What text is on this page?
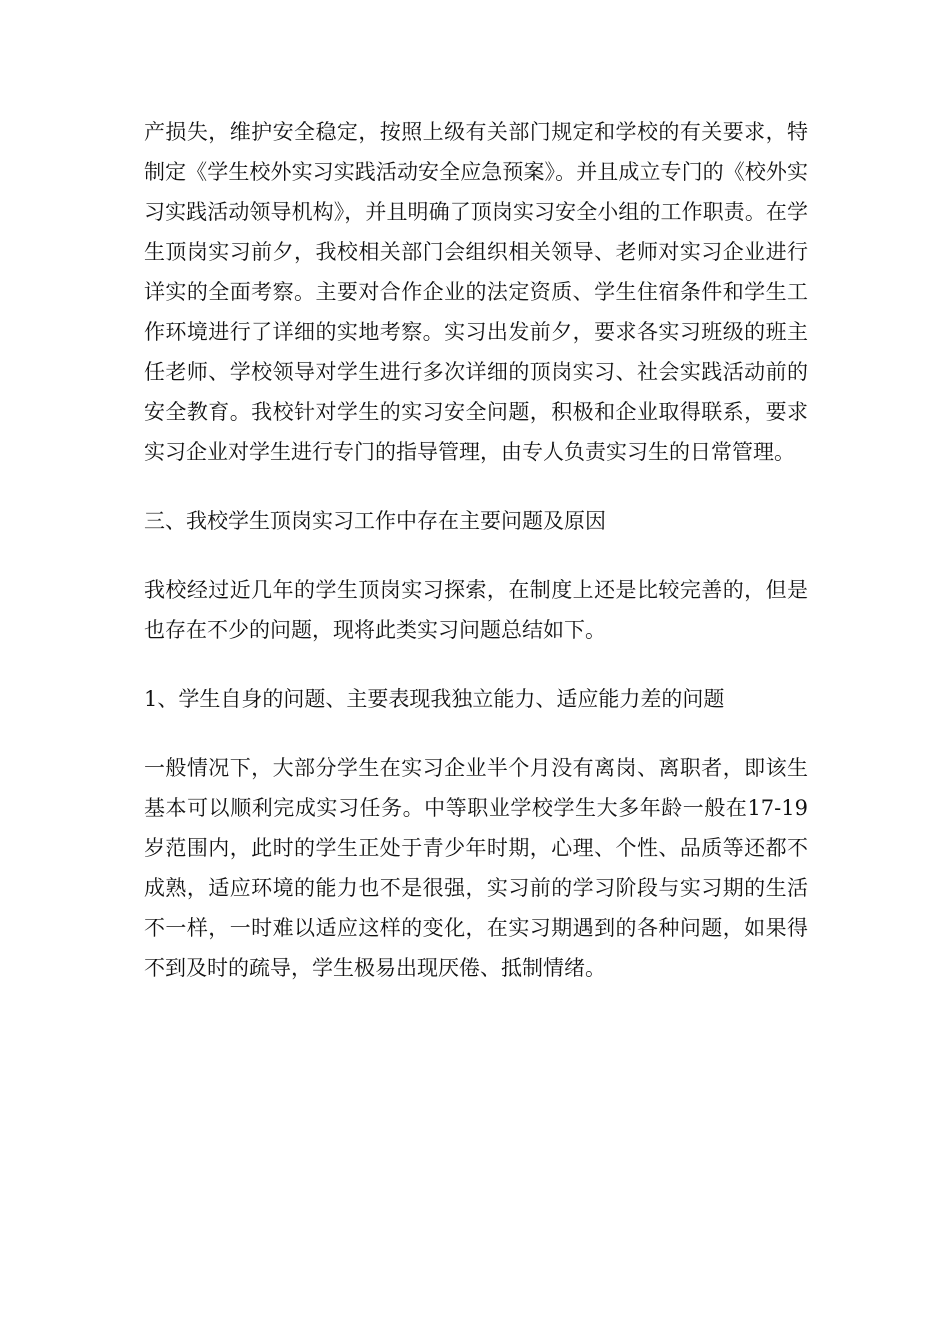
产损失，维护安全稳定，按照上级有关部门规定和学校的有关要求，特制定《学生校外实习实践活动安全应急预案》。并且成立专门的《校外实习实践活动领导机构》，并且明确了顶岗实习安全小组的工作职责。在学生顶岗实习前夕，我校相关部门会组织相关领导、老师对实习企业进行详实的全面考察。主要对合作企业的法定资质、学生住宿条件和学生工作环境进行了详细的实地考察。实习出发前夕，要求各实习班级的班主任老师、学校领导对学生进行多次详细的顶岗实习、社会实践活动前的安全教育。我校针对学生的实习安全问题，积极和企业取得联系，要求实习企业对学生进行专门的指导管理，由专人负责实习生的日常管理。

三、我校学生顶岗实习工作中存在主要问题及原因

我校经过近几年的学生顶岗实习探索，在制度上还是比较完善的，但是也存在不少的问题，现将此类实习问题总结如下。

1、学生自身的问题、主要表现我独立能力、适应能力差的问题

一般情况下，大部分学生在实习企业半个月没有离岗、离职者，即该生基本可以顺利完成实习任务。中等职业学校学生大多年龄一般在17-19 岁范围内，此时的学生正处于青少年时期，心理、个性、品质等还都不成熟，适应环境的能力也不是很强，实习前的学习阶段与实习期的生活不一样，一时难以适应这样的变化，在实习期遇到的各种问题，如果得不到及时的疏导，学生极易出现厌倦、抵制情绪。
